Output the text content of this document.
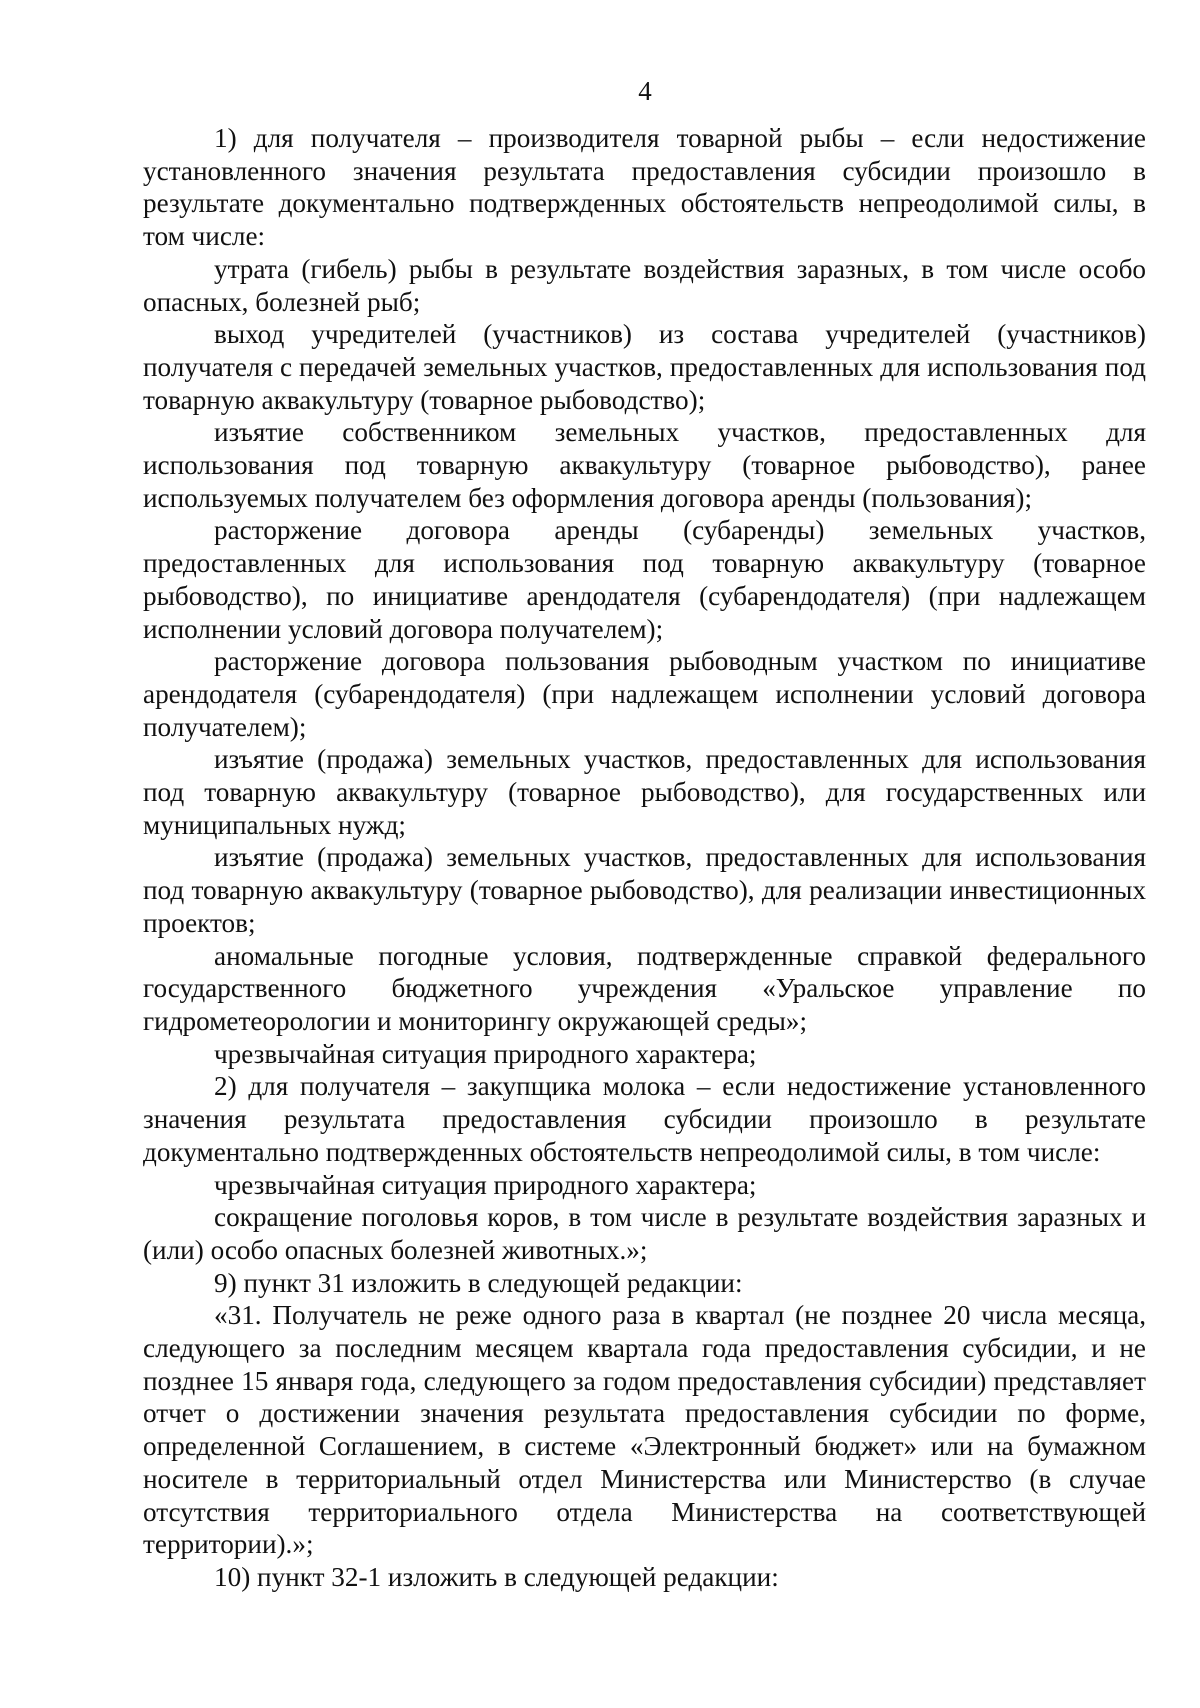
4

1) для получателя – производителя товарной рыбы – если недостижение установленного значения результата предоставления субсидии произошло в результате документально подтвержденных обстоятельств непреодолимой силы, в том числе:

утрата (гибель) рыбы в результате воздействия заразных, в том числе особо опасных, болезней рыб;

выход учредителей (участников) из состава учредителей (участников) получателя с передачей земельных участков, предоставленных для использования под товарную аквакультуру (товарное рыбоводство);

изъятие собственником земельных участков, предоставленных для использования под товарную аквакультуру (товарное рыбоводство), ранее используемых получателем без оформления договора аренды (пользования);

расторжение договора аренды (субаренды) земельных участков, предоставленных для использования под товарную аквакультуру (товарное рыбоводство), по инициативе арендодателя (субарендодателя) (при надлежащем исполнении условий договора получателем);

расторжение договора пользования рыбоводным участком по инициативе арендодателя (субарендодателя) (при надлежащем исполнении условий договора получателем);

изъятие (продажа) земельных участков, предоставленных для использования под товарную аквакультуру (товарное рыбоводство), для государственных или муниципальных нужд;

изъятие (продажа) земельных участков, предоставленных для использования под товарную аквакультуру (товарное рыбоводство), для реализации инвестиционных проектов;

аномальные погодные условия, подтвержденные справкой федерального государственного бюджетного учреждения «Уральское управление по гидрометеорологии и мониторингу окружающей среды»;

чрезвычайная ситуация природного характера;

2) для получателя – закупщика молока – если недостижение установленного значения результата предоставления субсидии произошло в результате документально подтвержденных обстоятельств непреодолимой силы, в том числе:

чрезвычайная ситуация природного характера;

сокращение поголовья коров, в том числе в результате воздействия заразных и (или) особо опасных болезней животных.»;

9) пункт 31 изложить в следующей редакции:

«31. Получатель не реже одного раза в квартал (не позднее 20 числа месяца, следующего за последним месяцем квартала года предоставления субсидии, и не позднее 15 января года, следующего за годом предоставления субсидии) представляет отчет о достижении значения результата предоставления субсидии по форме, определенной Соглашением, в системе «Электронный бюджет» или на бумажном носителе в территориальный отдел Министерства или Министерство (в случае отсутствия территориального отдела Министерства на соответствующей территории).»;

10) пункт 32-1 изложить в следующей редакции:
